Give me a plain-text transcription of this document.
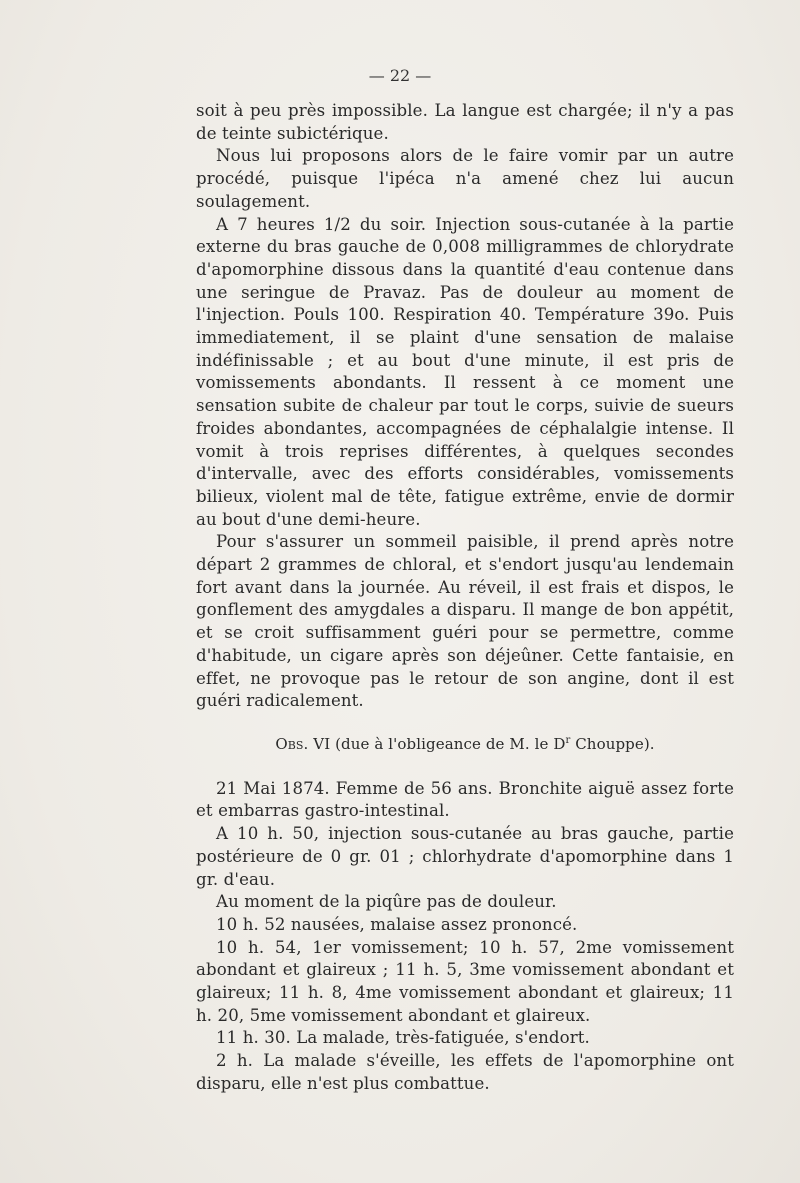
— 22 —

soit à peu près impossible. La langue est chargée; il n'y a pas de teinte subictérique.

Nous lui proposons alors de le faire vomir par un autre procédé, puisque l'ipéca n'a amené chez lui aucun soulagement.

A 7 heures 1/2 du soir. Injection sous-cutanée à la partie externe du bras gauche de 0,008 milligrammes de chlorydrate d'apomorphine dissous dans la quantité d'eau contenue dans une seringue de Pravaz. Pas de douleur au moment de l'injection. Pouls 100. Respiration 40. Température 39o. Puis immediatement, il se plaint d'une sensation de malaise indéfinissable ; et au bout d'une minute, il est pris de vomissements abondants. Il ressent à ce moment une sensation subite de chaleur par tout le corps, suivie de sueurs froides abondantes, accompagnées de céphalalgie intense. Il vomit à trois reprises différentes, à quelques secondes d'intervalle, avec des efforts considérables, vomissements bilieux, violent mal de tête, fatigue extrême, envie de dormir au bout d'une demi-heure.

Pour s'assurer un sommeil paisible, il prend après notre départ 2 grammes de chloral, et s'endort jusqu'au lendemain fort avant dans la journée. Au réveil, il est frais et dispos, le gonflement des amygdales a disparu. Il mange de bon appétit, et se croit suffisamment guéri pour se permettre, comme d'habitude, un cigare après son déjeûner. Cette fantaisie, en effet, ne provoque pas le retour de son angine, dont il est guéri radicalement.

Obs. VI (due à l'obligeance de M. le $D^r$ Chouppe).

21 Mai 1874. Femme de 56 ans. Bronchite aiguë assez forte et embarras gastro-intestinal.

A 10 h. 50, injection sous-cutanée au bras gauche, partie postérieure de 0 gr. 01 ; chlorhydrate d'apomorphine dans 1 gr. d'eau.

Au moment de la piqûre pas de douleur.

10 h. 52 nausées, malaise assez prononcé.

10 h. 54, 1er vomissement; 10 h. 57, 2me vomissement abondant et glaireux ; 11 h. 5, 3me vomissement abondant et glaireux; 11 h. 8, 4me vomissement abondant et glaireux; 11 h. 20, 5me vomissement abondant et glaireux.

11 h. 30. La malade, très-fatiguée, s'endort.

2 h. La malade s'éveille, les effets de l'apomorphine ont disparu, elle n'est plus combattue.
